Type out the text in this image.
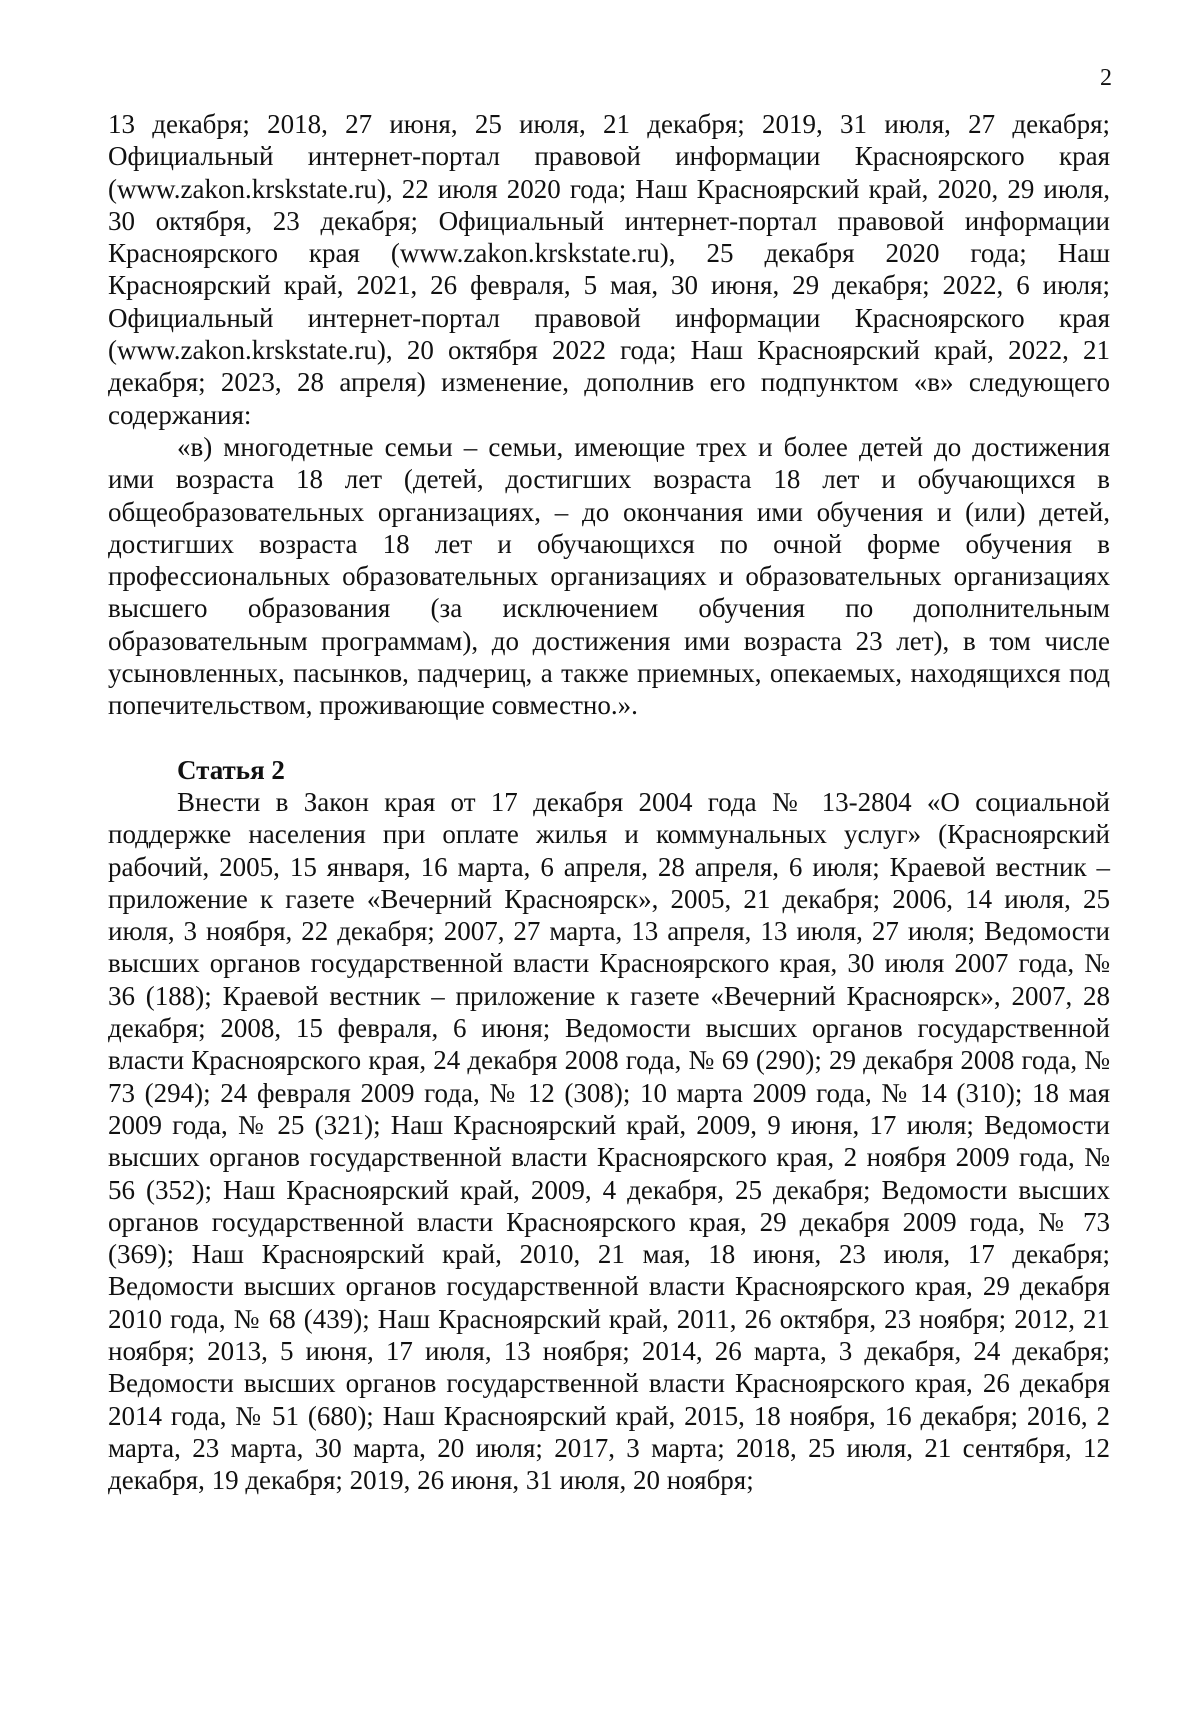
2

13 декабря; 2018, 27 июня, 25 июля, 21 декабря; 2019, 31 июля, 27 декабря; Официальный интернет-портал правовой информации Красноярского края (www.zakon.krskstate.ru), 22 июля 2020 года; Наш Красноярский край, 2020, 29 июля, 30 октября, 23 декабря; Официальный интернет-портал правовой информации Красноярского края (www.zakon.krskstate.ru), 25 декабря 2020 года; Наш Красноярский край, 2021, 26 февраля, 5 мая, 30 июня, 29 декабря; 2022, 6 июля; Официальный интернет-портал правовой информации Красноярского края (www.zakon.krskstate.ru), 20 октября 2022 года; Наш Красноярский край, 2022, 21 декабря; 2023, 28 апреля) изменение, дополнив его подпунктом «в» следующего содержания:

«в) многодетные семьи – семьи, имеющие трех и более детей до достижения ими возраста 18 лет (детей, достигших возраста 18 лет и обучающихся в общеобразовательных организациях, – до окончания ими обучения и (или) детей, достигших возраста 18 лет и обучающихся по очной форме обучения в профессиональных образовательных организациях и образовательных организациях высшего образования (за исключением обучения по дополнительным образовательным программам), до достижения ими возраста 23 лет), в том числе усыновленных, пасынков, падчериц, а также приемных, опекаемых, находящихся под попечительством, проживающие совместно.».

Статья 2

Внести в Закон края от 17 декабря 2004 года № 13-2804 «О социальной поддержке населения при оплате жилья и коммунальных услуг» (Красноярский рабочий, 2005, 15 января, 16 марта, 6 апреля, 28 апреля, 6 июля; Краевой вестник – приложение к газете «Вечерний Красноярск», 2005, 21 декабря; 2006, 14 июля, 25 июля, 3 ноября, 22 декабря; 2007, 27 марта, 13 апреля, 13 июля, 27 июля; Ведомости высших органов государственной власти Красноярского края, 30 июля 2007 года, № 36 (188); Краевой вестник – приложение к газете «Вечерний Красноярск», 2007, 28 декабря; 2008, 15 февраля, 6 июня; Ведомости высших органов государственной власти Красноярского края, 24 декабря 2008 года, № 69 (290); 29 декабря 2008 года, № 73 (294); 24 февраля 2009 года, № 12 (308); 10 марта 2009 года, № 14 (310); 18 мая 2009 года, № 25 (321); Наш Красноярский край, 2009, 9 июня, 17 июля; Ведомости высших органов государственной власти Красноярского края, 2 ноября 2009 года, № 56 (352); Наш Красноярский край, 2009, 4 декабря, 25 декабря; Ведомости высших органов государственной власти Красноярского края, 29 декабря 2009 года, № 73 (369); Наш Красноярский край, 2010, 21 мая, 18 июня, 23 июля, 17 декабря; Ведомости высших органов государственной власти Красноярского края, 29 декабря 2010 года, № 68 (439); Наш Красноярский край, 2011, 26 октября, 23 ноября; 2012, 21 ноября; 2013, 5 июня, 17 июля, 13 ноября; 2014, 26 марта, 3 декабря, 24 декабря; Ведомости высших органов государственной власти Красноярского края, 26 декабря 2014 года, № 51 (680); Наш Красноярский край, 2015, 18 ноября, 16 декабря; 2016, 2 марта, 23 марта, 30 марта, 20 июля; 2017, 3 марта; 2018, 25 июля, 21 сентября, 12 декабря, 19 декабря; 2019, 26 июня, 31 июля, 20 ноября;
